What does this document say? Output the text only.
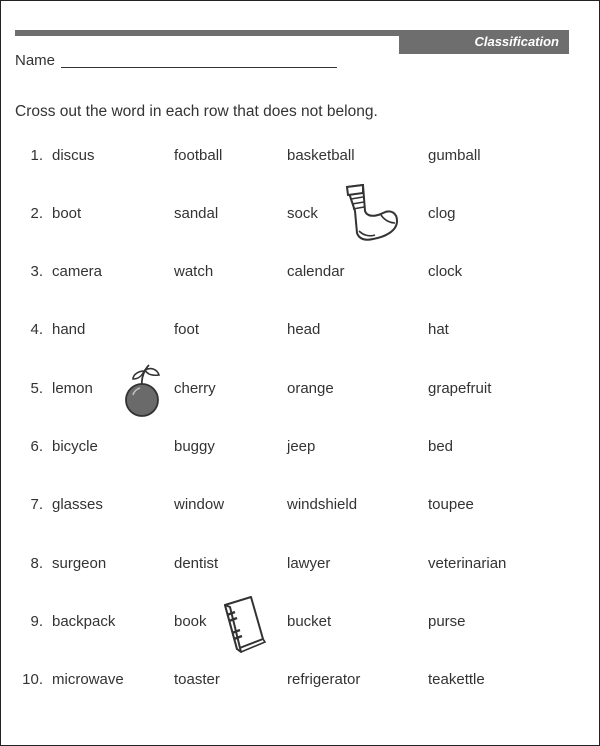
Classification
Name
Cross out the word in each row that does not belong.
1. discus	football	basketball	gumball
2. boot	sandal	sock	clog
3. camera	watch	calendar	clock
4. hand	foot	head	hat
5. lemon	cherry	orange	grapefruit
6. bicycle	buggy	jeep	bed
7. glasses	window	windshield	toupee
8. surgeon	dentist	lawyer	veterinarian
9. backpack	book	bucket	purse
10. microwave	toaster	refrigerator	teakettle
